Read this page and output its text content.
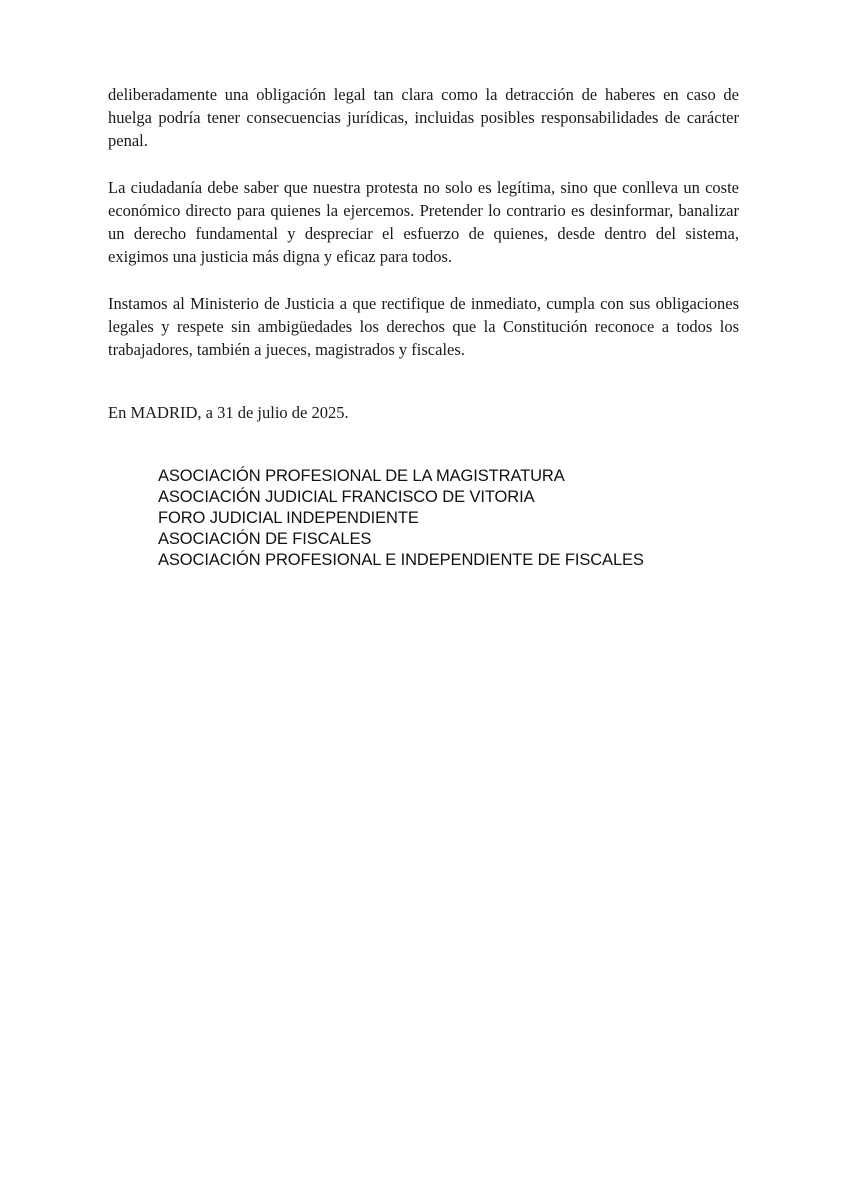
deliberadamente una obligación legal tan clara como la detracción de haberes en caso de huelga podría tener consecuencias jurídicas, incluidas posibles responsabilidades de carácter penal.

La ciudadanía debe saber que nuestra protesta no solo es legítima, sino que conlleva un coste económico directo para quienes la ejercemos. Pretender lo contrario es desinformar, banalizar un derecho fundamental y despreciar el esfuerzo de quienes, desde dentro del sistema, exigimos una justicia más digna y eficaz para todos.

Instamos al Ministerio de Justicia a que rectifique de inmediato, cumpla con sus obligaciones legales y respete sin ambigüedades los derechos que la Constitución reconoce a todos los trabajadores, también a jueces, magistrados y fiscales.

En MADRID, a 31 de julio de 2025.

ASOCIACIÓN PROFESIONAL DE LA MAGISTRATURA
ASOCIACIÓN JUDICIAL FRANCISCO DE VITORIA
FORO JUDICIAL INDEPENDIENTE
ASOCIACIÓN DE FISCALES
ASOCIACIÓN PROFESIONAL E INDEPENDIENTE DE FISCALES
